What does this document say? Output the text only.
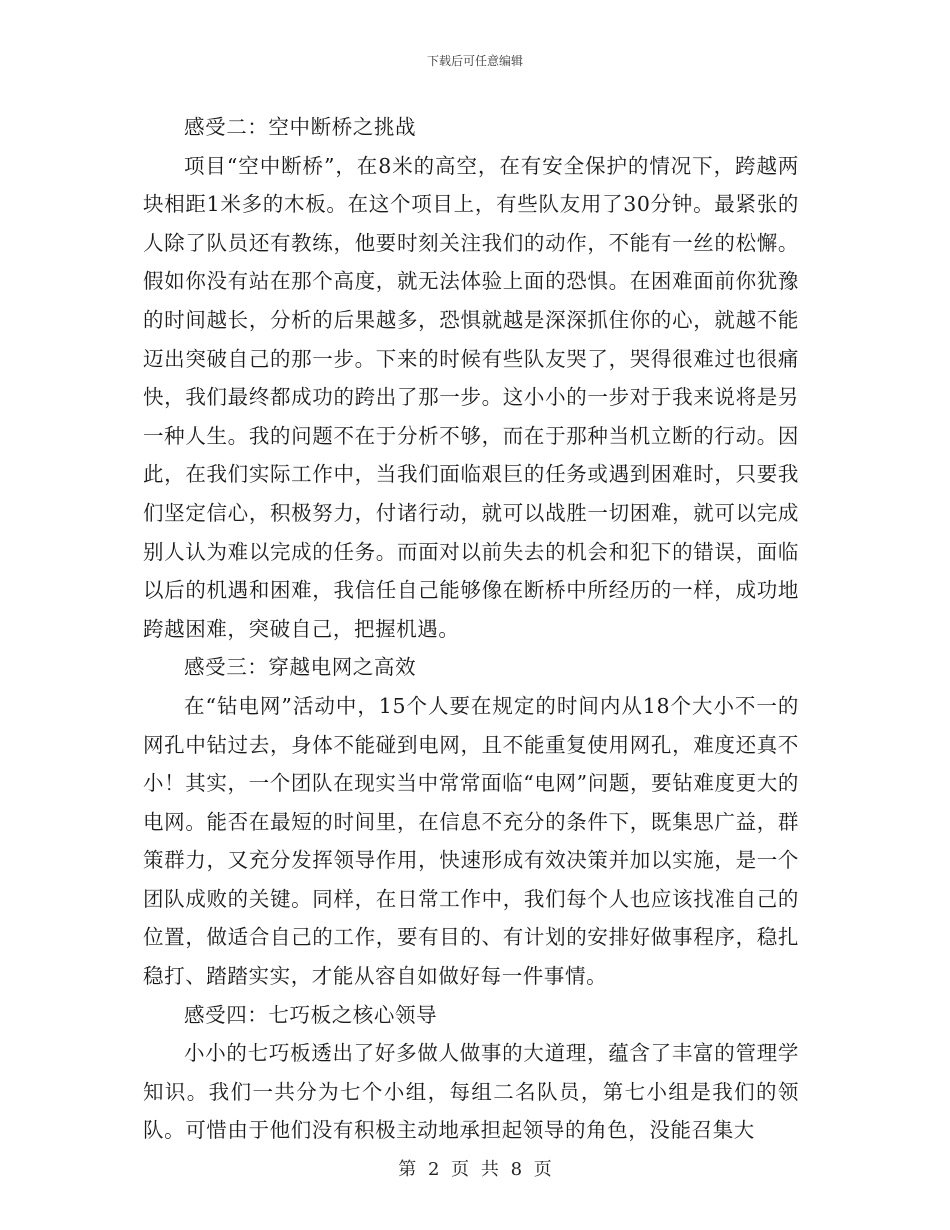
下载后可任意编辑

感受二：空中断桥之挑战

项目“空中断桥”，在8米的高空，在有安全保护的情况下，跨越两块相距1米多的木板。在这个项目上，有些队友用了30分钟。最紧张的人除了队员还有教练，他要时刻关注我们的动作，不能有一丝的松懈。假如你没有站在那个高度，就无法体验上面的恐惧。在困难面前你犹豫的时间越长，分析的后果越多，恐惧就越是深深抓住你的心，就越不能迈出突破自己的那一步。下来的时候有些队友哭了，哭得很难过也很痛快，我们最终都成功的跨出了那一步。这小小的一步对于我来说将是另一种人生。我的问题不在于分析不够，而在于那种当机立断的行动。因此，在我们实际工作中，当我们面临艰巨的任务或遇到困难时，只要我们坚定信心，积极努力，付诸行动，就可以战胜一切困难，就可以完成别人认为难以完成的任务。而面对以前失去的机会和犯下的错误，面临以后的机遇和困难，我信任自己能够像在断桥中所经历的一样，成功地跨越困难，突破自己，把握机遇。

感受三：穿越电网之高效

在“钻电网”活动中，15个人要在规定的时间内从18个大小不一的网孔中钻过去，身体不能碰到电网，且不能重复使用网孔，难度还真不小！其实，一个团队在现实当中常常面临“电网”问题，要钻难度更大的电网。能否在最短的时间里，在信息不充分的条件下，既集思广益，群策群力，又充分发挥领导作用，快速形成有效决策并加以实施，是一个团队成败的关键。同样，在日常工作中，我们每个人也应该找准自己的位置，做适合自己的工作，要有目的、有计划的安排好做事程序，稳扎稳打、踏踏实实，才能从容自如做好每一件事情。

感受四：七巧板之核心领导

小小的七巧板透出了好多做人做事的大道理，蕴含了丰富的管理学知识。我们一共分为七个小组，每组二名队员，第七小组是我们的领队。可惜由于他们没有积极主动地承担起领导的角色，没能召集大

第 2 页 共 8 页
